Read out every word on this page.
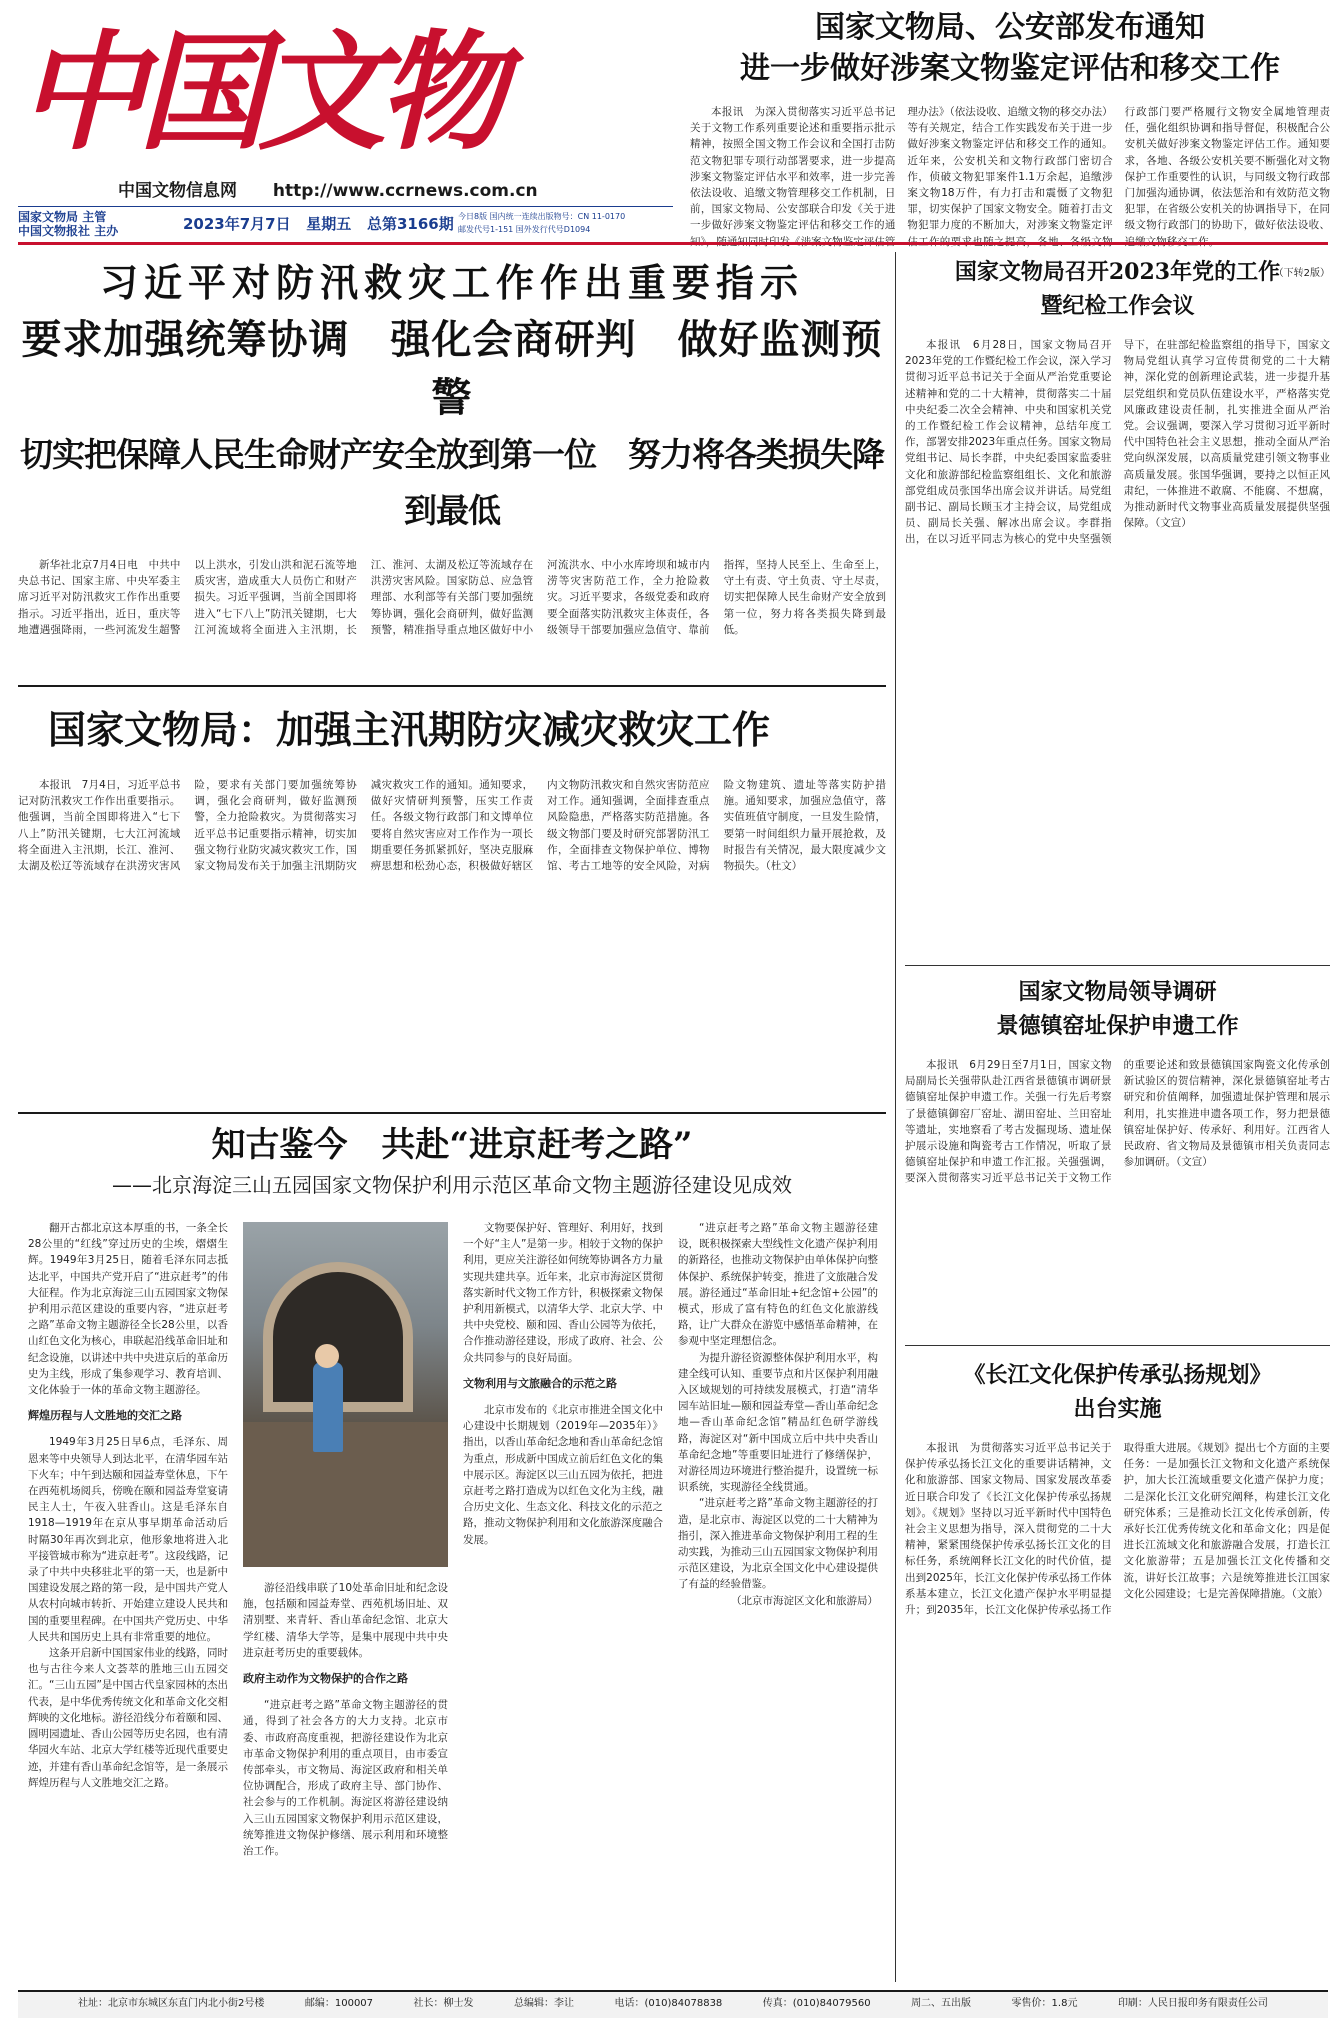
中国文物
中国文物信息网 http://www.ccrnews.com.cn
国家文物局 主管
中国文物报社 主办	2023年7月7日 星期五 总第3166期 今日8版 国内统一连续出版物号：CN 11-0170
邮发代号1-151 国外发行代号D1094
国家文物局、公安部发布通知
进一步做好涉案文物鉴定评估和移交工作

本报讯　为深入贯彻落实习近平总书记关于文物工作系列重要论述和重要指示批示精神，按照全国文物工作会议和全国打击防范文物犯罪专项行动部署要求，进一步提高涉案文物鉴定评估水平和效率，进一步完善依法设收、追缴文物管理移交工作机制，日前，国家文物局、公安部联合印发《关于进一步做好涉案文物鉴定评估和移交工作的通 理办法》（依法设收、追缴文物的移交办法）等有关规定，结合工作实践发布关于进一步做好涉案文物鉴定评估和移交工作的通知。近年来，公安机关和文物行政部门密切合作，侦破文物犯罪案件1.1万余起，追缴涉案文物18万件，有力打击和震慑了文物犯罪，切实保护了国家文物安全。随着打击文物犯罪力度的不断加大，对涉案文物鉴定评 行政部门要严格履行文物安全属地管理责任，强化组织协调和指导督促，积极配合公安机关做好涉案文物鉴定评估工作。通知要求，各地、各级公安机关要不断强化对文物保护工作重要性的认识，与同级文物行政部门加强沟通协调，依法惩治和有效防范文物犯罪，在省级公安机关的协调指导下，在同级文物行政部门的协助下，做好依法设收、

（下转2版）
习近平对防汛救灾工作作出重要指示
要求加强统筹协调　强化会商研判　做好监测预警
切实把保障人民生命财产安全放到第一位　努力将各类损失降到最低

新华社北京7月4日电　中共中央总书记、国家主席、中央军委主席习近平对防汛救灾工作作出重要指示。习近平指出，近日，重庆等地遭遇强降雨，一些河流发生超警以上洪水，引发山洪和泥石流等地质灾害，造成重大人员伤亡和财产损失。习近平强调，当前全国即将进入“七下八上”防汛关键期，七大江河流域将全面进入主汛期，长江、淮河、太湖及松辽等流域存在洪涝灾害风险。国家防总、应急管理部、水利部等有关部门要加强统筹协调，强化会商研判，做好监测预警，精准指导重点地区做好中小河流洪水、中小水库垮坝和城市内涝等灾害防范工作，全力抢险救灾。习近平要求，各级党委和政府要全面落实防汛救灾主体责任，各级领导干部要加强应急值守、靠前指挥，坚持人民至上、生命至上，守土有责、守土负责、守土尽责，切实把保障人民生命财产安全放到第一位，努力将各类损失降到最低。

国家文物局：加强主汛期防灾减灾救灾工作

本报讯　7月4日，习近平总书记对防汛救灾工作作出重要指示。他强调，当前全国即将进入“七下八上”防汛关键期，七大江河流域将全面进入主汛期，长江、淮河、太湖及松辽等流域存在洪涝灾害风险，要求有关部门要加强统筹协调，强化会商研判，做好监测预警，全力抢险救灾。为贯彻落实习近平总书记重要指示精神，切实加强文物行业防灾减灾救灾工作，国家文物局发布关于加强主汛期防灾减灾救灾工作的通知。通知要求，做好灾情研判预警，压实工作责任。各级文物行政部门和文博单位要将自然灾害应对工作作为一项长期重要任务抓紧抓好，坚决克服麻痹思想和松劲心态，积极做好辖区内文物防汛救灾和自然灾害防范应对工作。通知强调，全面排查重点风险隐患，严格落实防范措施。各级文物部门要及时研究部署防汛工作，全面排查文物保护单位、博物馆、考古工地等的安全风险，对病险文物建筑、遗址等落实防护措施。通知要求，加强应急值守，落实值班值守制度，一旦发生险情，要第一时间组织力量开展抢救，及时报告有关情况，最大限度减少文物损失。（杜文）

知古鉴今　共赴“进京赶考之路”
——北京海淀三山五园国家文物保护利用示范区革命文物主题游径建设见成效

翻开古都北京这本厚重的书，一条全长28公里的“红线”穿过历史的尘埃，熠熠生辉。1949年3月25日，随着毛泽东同志抵达北平，中国共产党开启了“进京赶考”的伟大征程。作为北京海淀三山五园国家文物保护利用示范区建设的重要内容，“进京赶考之路”革命文物主题游径全长28公里，以香山红色文化为核心，串联起沿线革命旧址和纪念设施，以讲述中共中央进京后的革命历史为主线，形成了集参观学习、教育培训、文化体验于一体的革命文物主题游径。

辉煌历程与人文胜地的交汇之路

1949年3月25日早6点，毛泽东、周恩来等中央领导人到达北平，在清华园车站下火车；中午到达颐和园益寿堂休息，下午在西苑机场阅兵，傍晚在颐和园益寿堂宴请民主人士，午夜入驻香山。这是毛泽东自1918—1919年在京从事早期革命活动后时隔30年再次到北京，他形象地将进入北平接管城市称为“进京赶考”。这段线路，记录了中共中央移驻北平的第一天，也是新中国建设发展之路的第一段，是中国共产党人从农村向城市转折、开始建立建设人民共和国的重要里程碑。在中国共产党历史、中华人民共和国历史上具有非常重要的地位。

这条开启新中国国家伟业的线路，同时也与古往今来人文荟萃的胜地三山五园交汇。“三山五园”是中国古代皇家园林的杰出代表，是中华优秀传统文化和革命文化交相辉映的文化地标。游径沿线分布着颐和园、圆明园遗址、香山公园等历史名园，也有清华园火车站、北京大学红楼等近现代重要史迹，并建有香山革命纪念馆等，是一条展示辉煌历程与人文胜地交汇之路。

游径沿线串联了10处革命旧址和纪念设施，包括颐和园益寿堂、西苑机场旧址、双清别墅、来青轩、香山革命纪念馆、北京大学红楼、清华大学等，是集中展现中共中央进京赶考历史的重要载体。

政府主动作为文物保护的合作之路

“进京赶考之路”革命文物主题游径的贯通，得到了社会各方的大力支持。北京市委、市政府高度重视，把游径建设作为北京市革命文物保护利用的重点项目，由市委宣传部牵头，市文物局、海淀区政府和相关单位协调配合，形成了政府主导、部门协作、社会参与的工作机制。海淀区将游径建设纳入三山五园国家文物保护利用示范区建设，统筹推进文物保护修缮、展示利用和环境整治工作。

文物要保护好、管理好、利用好，找到一个好“主人”是第一步。相较于文物的保护利用，更应关注游径如何统筹协调各方力量实现共建共享。近年来，北京市海淀区贯彻落实新时代文物工作方针，积极探索文物保护利用新模式，以清华大学、北京大学、中共中央党校、颐和园、香山公园等为依托，合作推动游径建设，形成了政府、社会、公众共同参与的良好局面。

文物利用与文旅融合的示范之路

北京市发布的《北京市推进全国文化中心建设中长期规划（2019年—2035年）》指出，以香山革命纪念地和香山革命纪念馆为重点，形成新中国成立前后红色文化的集中展示区。海淀区以三山五园为依托，把进京赶考之路打造成为以红色文化为主线，融合历史文化、生态文化、科技文化的示范之路，推动文物保护利用和文化旅游深度融合发展。

“进京赶考之路”革命文物主题游径建设，既积极探索大型线性文化遗产保护利用的新路径，也推动文物保护由单体保护向整体保护、系统保护转变，推进了文旅融合发展。游径通过“革命旧址+纪念馆+公园”的模式，形成了富有特色的红色文化旅游线路，让广大群众在游览中感悟革命精神，在参观中坚定理想信念。

为提升游径资源整体保护利用水平，构建全线可认知、重要节点和片区保护利用融入区域规划的可持续发展模式，打造“清华园车站旧址—颐和园益寿堂—香山革命纪念地—香山革命纪念馆”精品红色研学游线路，海淀区对“新中国成立后中共中央香山革命纪念地”等重要旧址进行了修缮保护，对游径周边环境进行整治提升，设置统一标识系统，实现游径全线贯通。

“进京赶考之路”革命文物主题游径的打造，是北京市、海淀区以党的二十大精神为指引，深入推进革命文物保护利用工程的生动实践，为推动三山五园国家文物保护利用示范区建设，为北京全国文化中心建设提供了有益的经验借鉴。

（北京市海淀区文化和旅游局）
国家文物局召开2023年党的工作
暨纪检工作会议

本报讯　6月28日，国家文物局召开2023年党的工作暨纪检工作会议，深入学习贯彻习近平总书记关于全面从严治党重要论述精神和党的二十大精神，贯彻落实二十届中央纪委二次全会精神、中央和国家机关党的工作暨纪检工作会议精神，总结年度工作，部署安排2023年重点任务。国家文物局党组书记、局长李群，中央纪委国家监委驻文化和旅游部纪检监察组组长、文化和旅游部党组成员张国华出席会议并讲话。局党组副书记、副局长顾玉才主持会议，局党组成员、副局长关强、解冰出席会议。李群指出，在以习近平同志为核心的党中央坚强领导下，在驻部纪检监察组的指导下，国家文物局党组认真学习宣传贯彻党的二十大精神，深化党的创新理论武装，进一步提升基层党组织和党员队伍建设水平，严格落实党风廉政建设责任制，扎实推进全面从严治党。会议强调，要深入学习贯彻习近平新时代中国特色社会主义思想，推动全面从严治党向纵深发展，以高质量党建引领文物事业高质量发展。张国华强调，要持之以恒正风肃纪，一体推进不敢腐、不能腐、不想腐，为推动新时代文物事业高质量发展提供坚强保障。（文宣）

国家文物局领导调研
景德镇窑址保护申遗工作

本报讯　6月29日至7月1日，国家文物局副局长关强带队赴江西省景德镇市调研景德镇窑址保护申遗工作。关强一行先后考察了景德镇御窑厂窑址、湖田窑址、兰田窑址等遗址，实地察看了考古发掘现场、遗址保护展示设施和陶瓷考古工作情况，听取了景德镇窑址保护和申遗工作汇报。关强强调，要深入贯彻落实习近平总书记关于文物工作的重要论述和致景德镇国家陶瓷文化传承创新试验区的贺信精神，深化景德镇窑址考古研究和价值阐释，加强遗址保护管理和展示利用，扎实推进申遗各项工作，努力把景德镇窑址保护好、传承好、利用好。江西省人民政府、省文物局及景德镇市相关负责同志参加调研。（文宣）

《长江文化保护传承弘扬规划》
出台实施

本报讯　为贯彻落实习近平总书记关于保护传承弘扬长江文化的重要讲话精神，文化和旅游部、国家文物局、国家发展改革委近日联合印发了《长江文化保护传承弘扬规划》。《规划》坚持以习近平新时代中国特色社会主义思想为指导，深入贯彻党的二十大精神，紧紧围绕保护传承弘扬长江文化的目标任务，系统阐释长江文化的时代价值，提出到2025年，长江文化保护传承弘扬工作体系基本建立，长江文化遗产保护水平明显提升；到2035年，长江文化保护传承弘扬工作取得重大进展。《规划》提出七个方面的主要任务：一是加强长江文物和文化遗产系统保护，加大长江流域重要文化遗产保护力度；二是深化长江文化研究阐释，构建长江文化研究体系；三是推动长江文化传承创新，传承好长江优秀传统文化和革命文化；四是促进长江流域文化和旅游融合发展，打造长江文化旅游带；五是加强长江文化传播和交流，讲好长江故事；六是统筹推进长江国家文化公园建设；七是完善保障措施。（文旅）

社址：北京市东城区东直门内北小街2号楼	邮编：100007	社长：柳士发	总编辑：李让	电话：(010)84078838	传真：(010)84079560	周二、五出版	零售价：1.8元	印刷：人民日报印务有限责任公司
